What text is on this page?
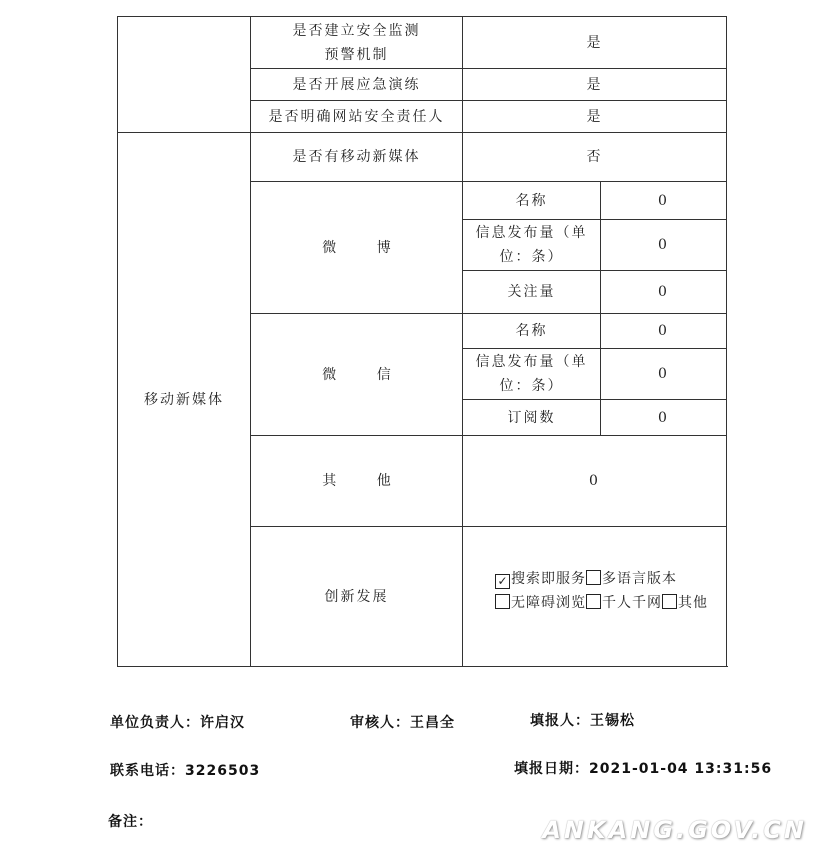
	是否建立安全监测预警机制	是	
	是否开展应急演练	是	
	是否明确网站安全责任人	是	
移动新媒体	是否有移动新媒体	否	
	微 博	名称	0
		信息发布量（单位：条）	0
		关注量	0
	微 信	名称	0
		信息发布量（单位：条）	0
		订阅数	0
	其 他	0	
	创新发展	✓ 搜索即服务 多语言版本无障碍浏览 千人千网 其他	
单位负责人：许启汉	审核人：王昌全	填报人：王锡松
联系电话：3226503	填报日期：2021-01-04 13:31:56
备注：	ANKANG.GOV.CN
